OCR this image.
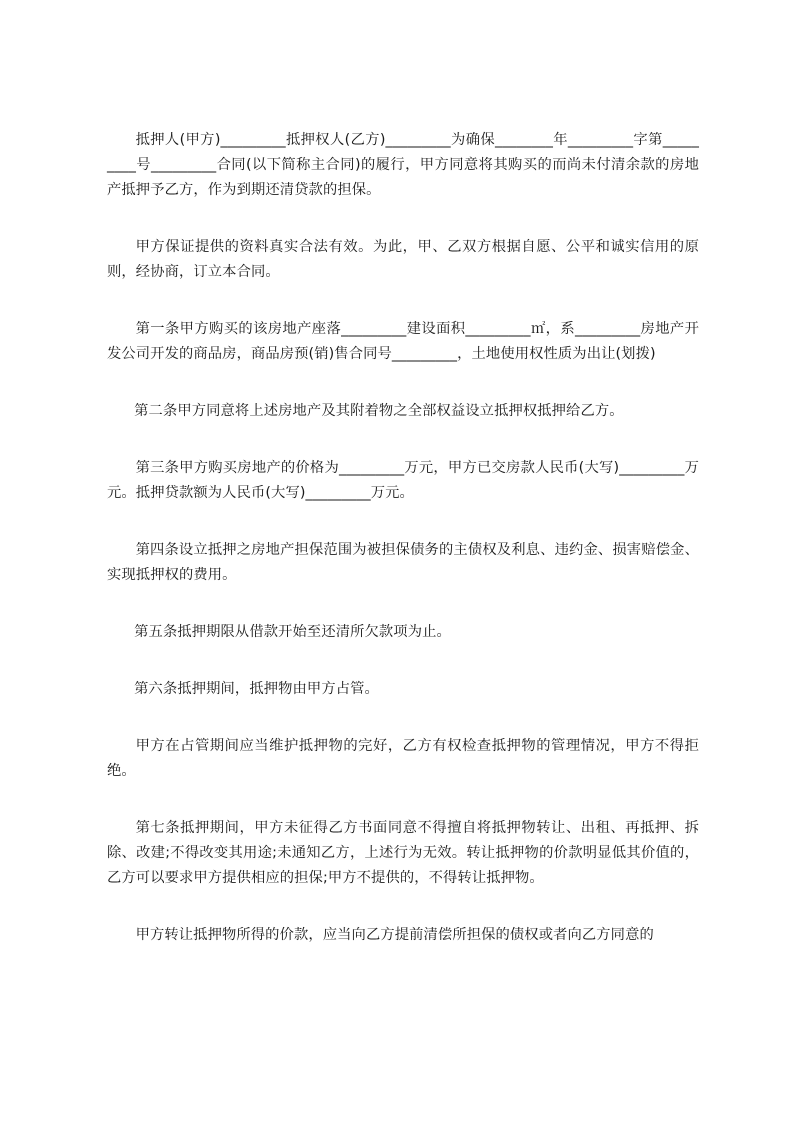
抵押人(甲方)_________抵押权人(乙方)_________为确保________年_________字第_________号_________合同(以下简称主合同)的履行，甲方同意将其购买的而尚未付清余款的房地产抵押予乙方，作为到期还清贷款的担保。

甲方保证提供的资料真实合法有效。为此，甲、乙双方根据自愿、公平和诚实信用的原则，经协商，订立本合同。

第一条甲方购买的该房地产座落_________建设面积_________㎡，系_________房地产开发公司开发的商品房，商品房预(销)售合同号_________，土地使用权性质为出让(划拨)

第二条甲方同意将上述房地产及其附着物之全部权益设立抵押权抵押给乙方。

第三条甲方购买房地产的价格为_________万元，甲方已交房款人民币(大写)_________万元。抵押贷款额为人民币(大写)_________万元。

第四条设立抵押之房地产担保范围为被担保债务的主债权及利息、违约金、损害赔偿金、实现抵押权的费用。

第五条抵押期限从借款开始至还清所欠款项为止。

第六条抵押期间，抵押物由甲方占管。

甲方在占管期间应当维护抵押物的完好，乙方有权检查抵押物的管理情况，甲方不得拒绝。

第七条抵押期间，甲方未征得乙方书面同意不得擅自将抵押物转让、出租、再抵押、拆除、改建;不得改变其用途;未通知乙方，上述行为无效。转让抵押物的价款明显低其价值的，乙方可以要求甲方提供相应的担保;甲方不提供的，不得转让抵押物。

甲方转让抵押物所得的价款，应当向乙方提前清偿所担保的债权或者向乙方同意的
